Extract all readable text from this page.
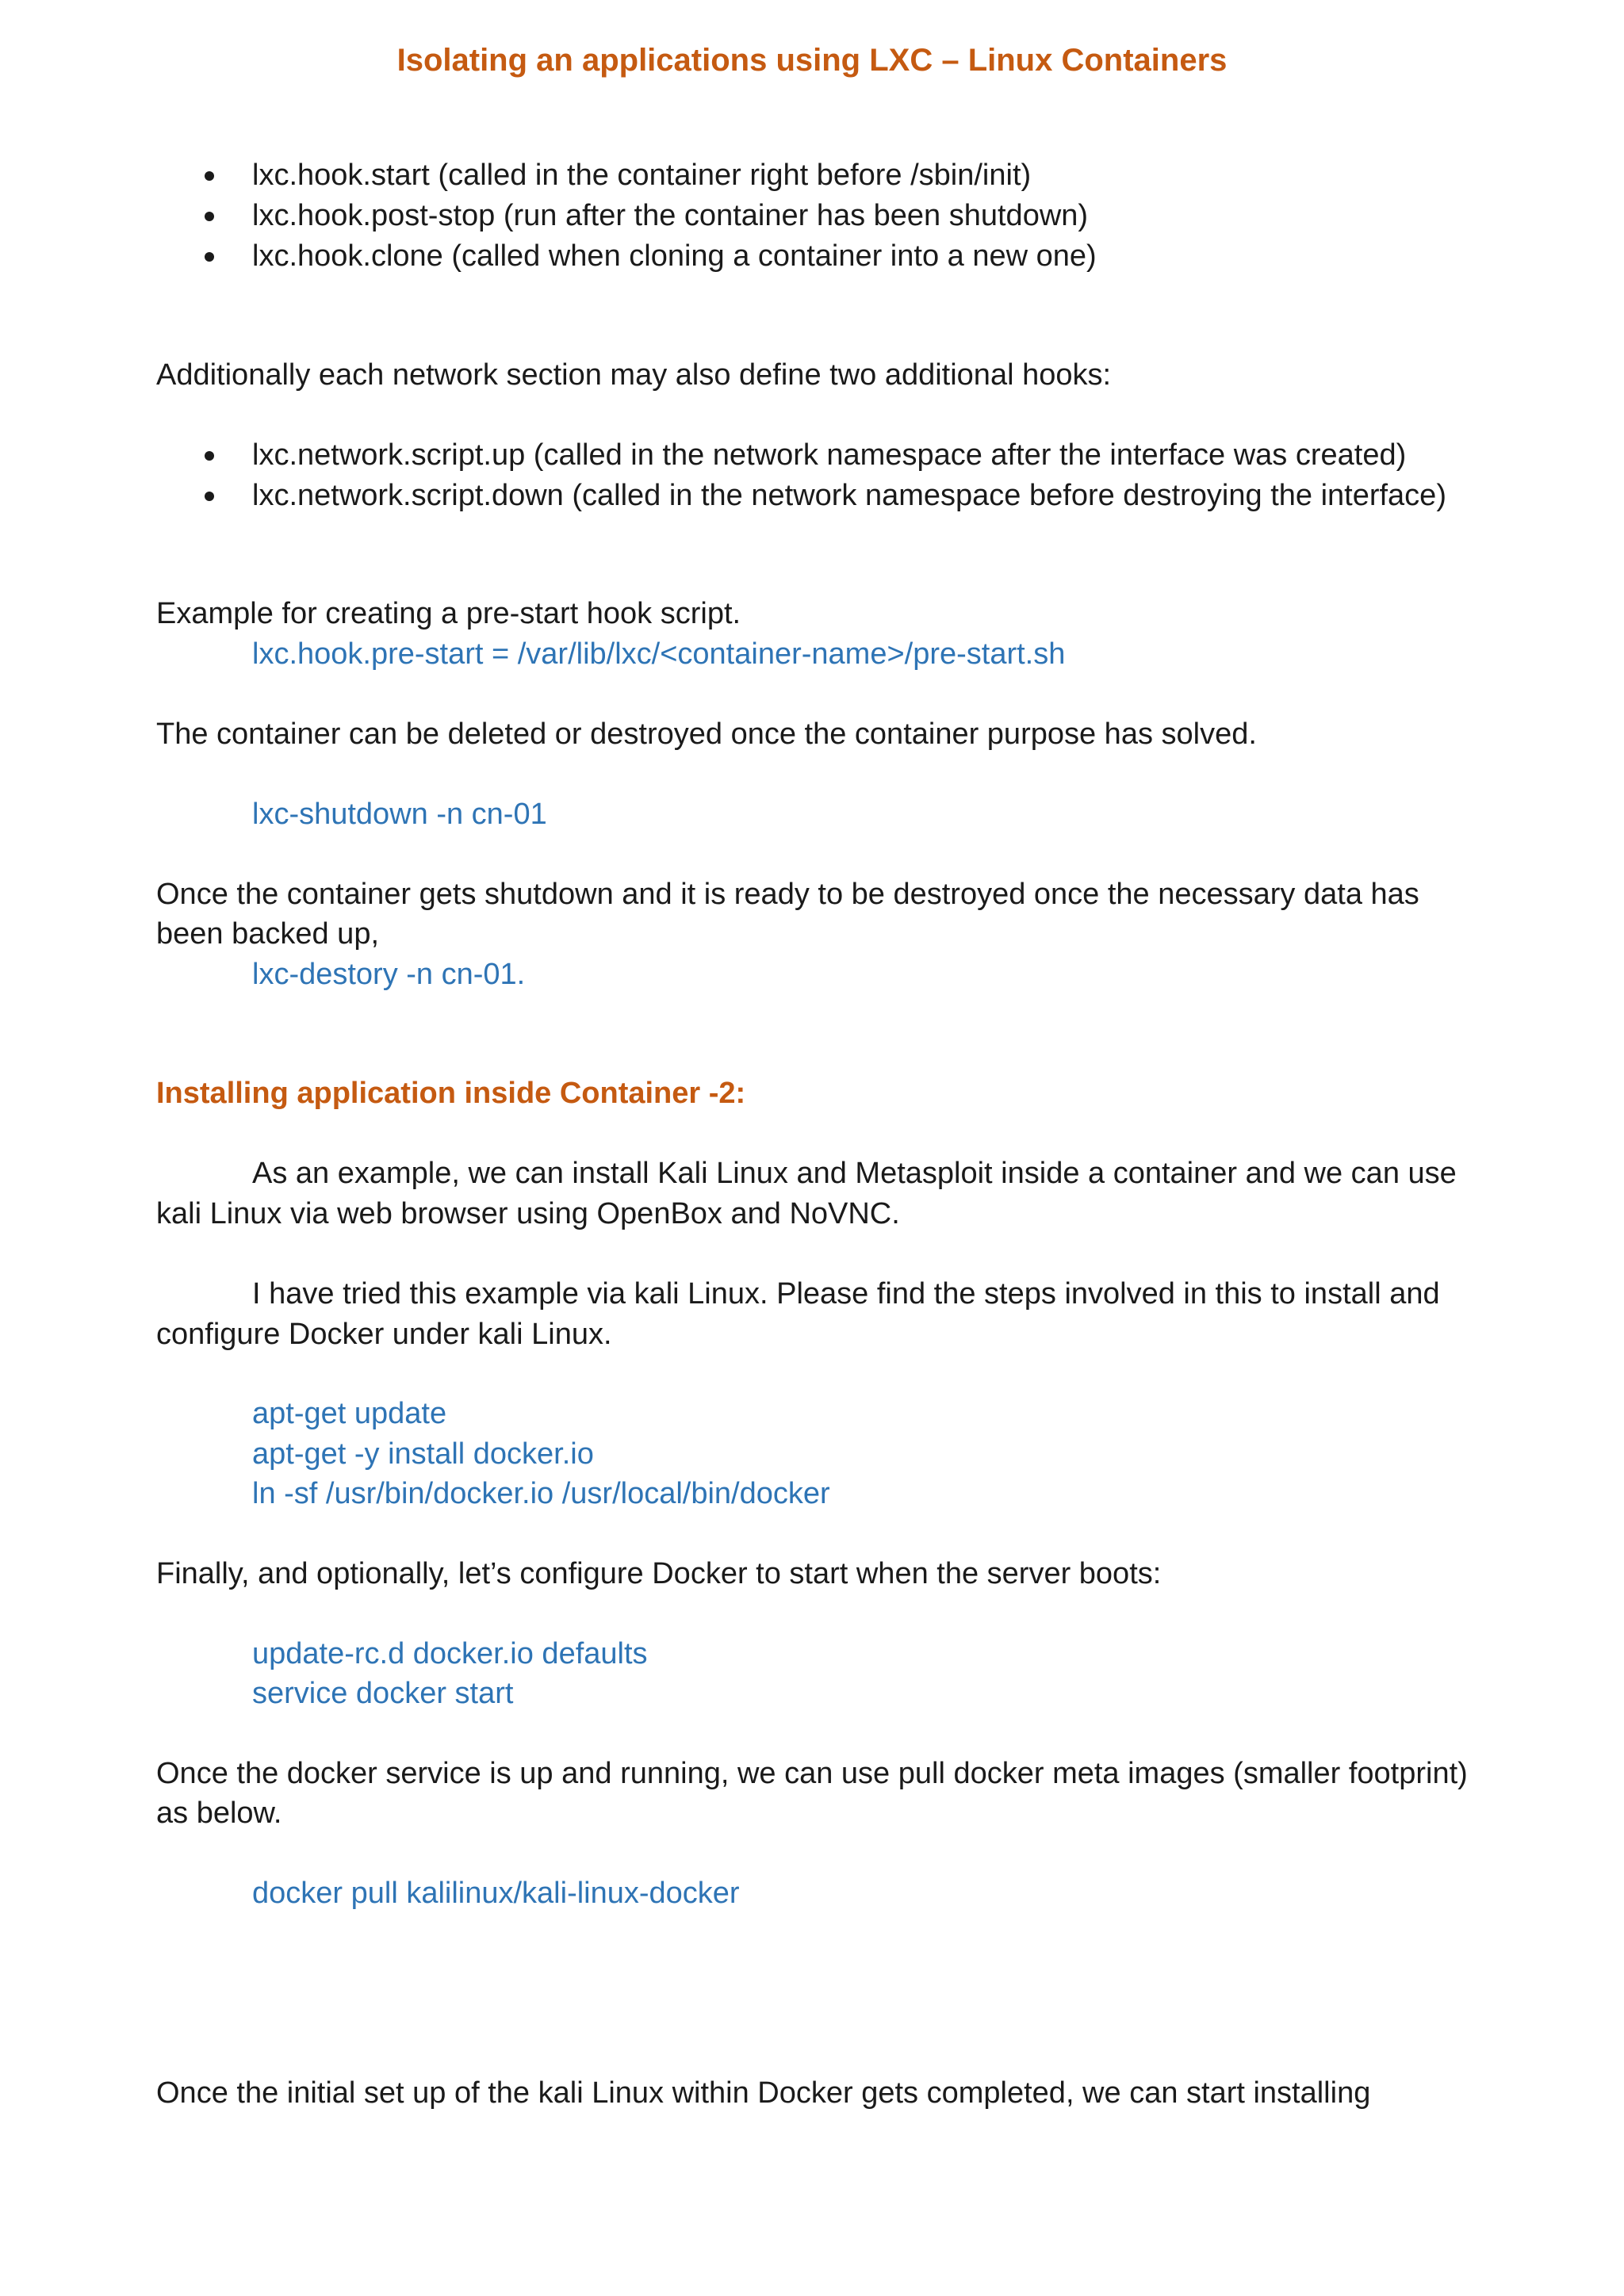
Isolating an applications using LXC – Linux Containers
lxc.hook.start (called in the container right before /sbin/init)
lxc.hook.post-stop (run after the container has been shutdown)
lxc.hook.clone (called when cloning a container into a new one)
Additionally each network section may also define two additional hooks:
lxc.network.script.up (called in the network namespace after the interface was created)
lxc.network.script.down (called in the network namespace before destroying the interface)
Example for creating a pre-start hook script.
lxc.hook.pre-start = /var/lib/lxc/<container-name>/pre-start.sh
The container can be deleted or destroyed once the container purpose has solved.
lxc-shutdown -n cn-01
Once the container gets shutdown and it is ready to be destroyed once the necessary data has
been backed up,
lxc-destory -n cn-01.
Installing application inside Container -2:
As an example, we can install Kali Linux and Metasploit inside a container and we can use
kali Linux via web browser using OpenBox and NoVNC.
I have tried this example via kali Linux. Please find the steps involved in this to install and
configure Docker under kali Linux.
apt-get update
apt-get -y install docker.io
ln -sf /usr/bin/docker.io /usr/local/bin/docker
Finally, and optionally, let’s configure Docker to start when the server boots:
update-rc.d docker.io defaults
service docker start
Once the docker service is up and running, we can use pull docker meta images (smaller footprint)
as below.
docker pull kalilinux/kali-linux-docker
Once the initial set up of the kali Linux within Docker gets completed, we can start installing
